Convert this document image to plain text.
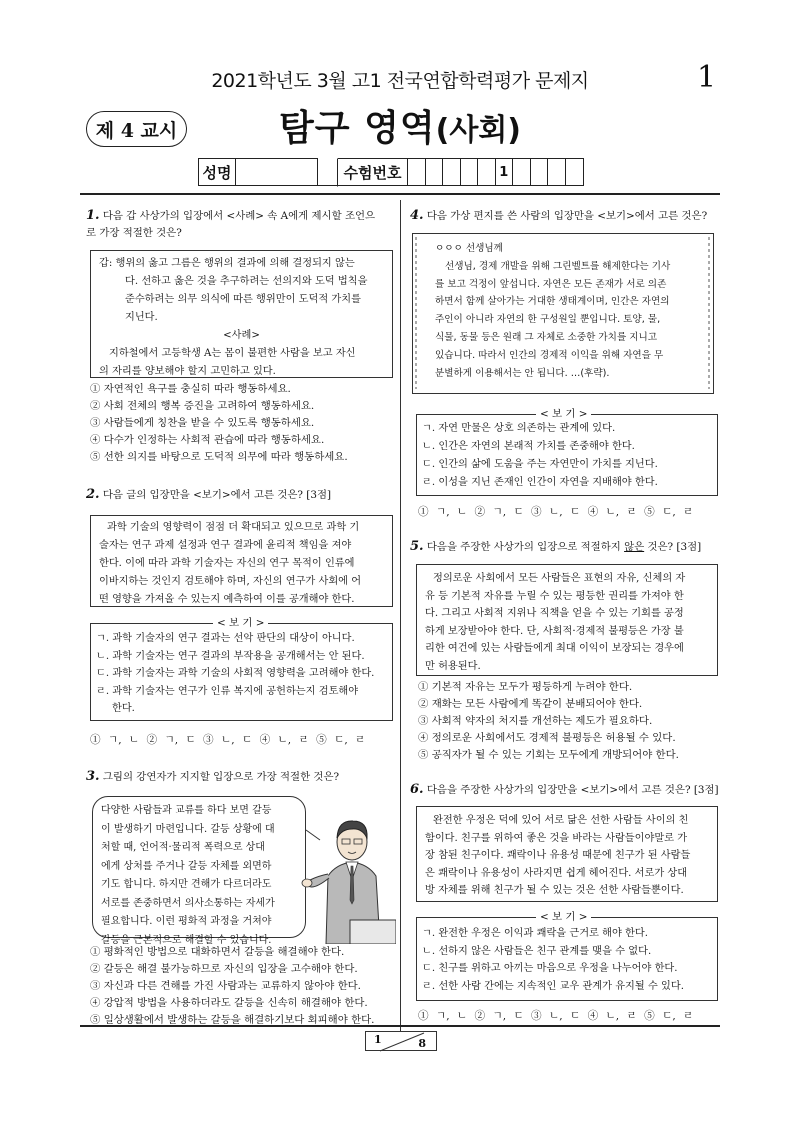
2021학년도 3월 고1 전국연합학력평가 문제지	1
제 4 교시	탐구 영역(사회)
성명	수험번호	1
1. 다음 갑 사상가의 입장에서 <사례> 속 A에게 제시할 조언으
로 가장 적절한 것은?
갑: 행위의 옳고 그름은 행위의 결과에 의해 결정되지 않는
다. 선하고 옳은 것을 추구하려는 선의지와 도덕 법칙을
준수하려는 의무 의식에 따른 행위만이 도덕적 가치를
지닌다.
<사례>
지하철에서 고등학생 A는 몸이 불편한 사람을 보고 자신
의 자리를 양보해야 할지 고민하고 있다.
① 자연적인 욕구를 충실히 따라 행동하세요.
② 사회 전체의 행복 증진을 고려하여 행동하세요.
③ 사람들에게 칭찬을 받을 수 있도록 행동하세요.
④ 다수가 인정하는 사회적 관습에 따라 행동하세요.
⑤ 선한 의지를 바탕으로 도덕적 의무에 따라 행동하세요.
2. 다음 글의 입장만을 <보기>에서 고른 것은? [3점]
과학 기술의 영향력이 점점 더 확대되고 있으므로 과학 기
술자는 연구 과제 설정과 연구 결과에 윤리적 책임을 져야
한다. 이에 따라 과학 기술자는 자신의 연구 목적이 인류에
이바지하는 것인지 검토해야 하며, 자신의 연구가 사회에 어
떤 영향을 가져올 수 있는지 예측하여 이를 공개해야 한다.
ㄱ. 과학 기술자의 연구 결과는 선악 판단의 대상이 아니다.
ㄴ. 과학 기술자는 연구 결과의 부작용을 공개해서는 안 된다.
ㄷ. 과학 기술자는 과학 기술의 사회적 영향력을 고려해야 한다.
ㄹ. 과학 기술자는 연구가 인류 복지에 공헌하는지 검토해야
한다.
< 보 기 >
① ㄱ, ㄴ ② ㄱ, ㄷ ③ ㄴ, ㄷ ④ ㄴ, ㄹ ⑤ ㄷ, ㄹ
3. 그림의 강연자가 지지할 입장으로 가장 적절한 것은?
다양한 사람들과 교류를 하다 보면 갈등
이 발생하기 마련입니다. 갈등 상황에 대
처할 때, 언어적·물리적 폭력으로 상대
에게 상처를 주거나 갈등 자체를 외면하
기도 합니다. 하지만 견해가 다르더라도
서로를 존중하면서 의사소통하는 자세가
필요합니다. 이런 평화적 과정을 거쳐야
갈등을 근본적으로 해결할 수 있습니다.
① 평화적인 방법으로 대화하면서 갈등을 해결해야 한다.
② 갈등은 해결 불가능하므로 자신의 입장을 고수해야 한다.
③ 자신과 다른 견해를 가진 사람과는 교류하지 않아야 한다.
④ 강압적 방법을 사용하더라도 갈등을 신속히 해결해야 한다.
⑤ 일상생활에서 발생하는 갈등을 해결하기보다 회피해야 한다.
4. 다음 가상 편지를 쓴 사람의 입장만을 <보기>에서 고른 것은?
ㅇㅇㅇ 선생님께
선생님, 경제 개발을 위해 그린벨트를 해제한다는 기사
를 보고 걱정이 앞섭니다. 자연은 모든 존재가 서로 의존
하면서 함께 살아가는 거대한 생태계이며, 인간은 자연의
주인이 아니라 자연의 한 구성원일 뿐입니다. 토양, 물,
식물, 동물 등은 원래 그 자체로 소중한 가치를 지니고
있습니다. 따라서 인간의 경제적 이익을 위해 자연을 무
분별하게 이용해서는 안 됩니다. …(후략).
ㄱ. 자연 만물은 상호 의존하는 관계에 있다.
ㄴ. 인간은 자연의 본래적 가치를 존중해야 한다.
ㄷ. 인간의 삶에 도움을 주는 자연만이 가치를 지닌다.
ㄹ. 이성을 지닌 존재인 인간이 자연을 지배해야 한다.
< 보 기 >
① ㄱ, ㄴ ② ㄱ, ㄷ ③ ㄴ, ㄷ ④ ㄴ, ㄹ ⑤ ㄷ, ㄹ
5. 다음을 주장한 사상가의 입장으로 적절하지 않은 것은? [3점]
정의로운 사회에서 모든 사람들은 표현의 자유, 신체의 자
유 등 기본적 자유를 누릴 수 있는 평등한 권리를 가져야 한
다. 그리고 사회적 지위나 직책을 얻을 수 있는 기회를 공정
하게 보장받아야 한다. 단, 사회적·경제적 불평등은 가장 불
리한 여건에 있는 사람들에게 최대 이익이 보장되는 경우에
만 허용된다.
① 기본적 자유는 모두가 평등하게 누려야 한다.
② 재화는 모든 사람에게 똑같이 분배되어야 한다.
③ 사회적 약자의 처지를 개선하는 제도가 필요하다.
④ 정의로운 사회에서도 경제적 불평등은 허용될 수 있다.
⑤ 공직자가 될 수 있는 기회는 모두에게 개방되어야 한다.
6. 다음을 주장한 사상가의 입장만을 <보기>에서 고른 것은? [3점]
완전한 우정은 덕에 있어 서로 닮은 선한 사람들 사이의 친
함이다. 친구를 위하여 좋은 것을 바라는 사람들이야말로 가
장 참된 친구이다. 쾌락이나 유용성 때문에 친구가 된 사람들
은 쾌락이나 유용성이 사라지면 쉽게 헤어진다. 서로가 상대
방 자체를 위해 친구가 될 수 있는 것은 선한 사람들뿐이다.
ㄱ. 완전한 우정은 이익과 쾌락을 근거로 해야 한다.
ㄴ. 선하지 않은 사람들은 친구 관계를 맺을 수 없다.
ㄷ. 친구를 위하고 아끼는 마음으로 우정을 나누어야 한다.
ㄹ. 선한 사람 간에는 지속적인 교우 관계가 유지될 수 있다.
< 보 기 >
① ㄱ, ㄴ ② ㄱ, ㄷ ③ ㄴ, ㄷ ④ ㄴ, ㄹ ⑤ ㄷ, ㄹ
1	8
